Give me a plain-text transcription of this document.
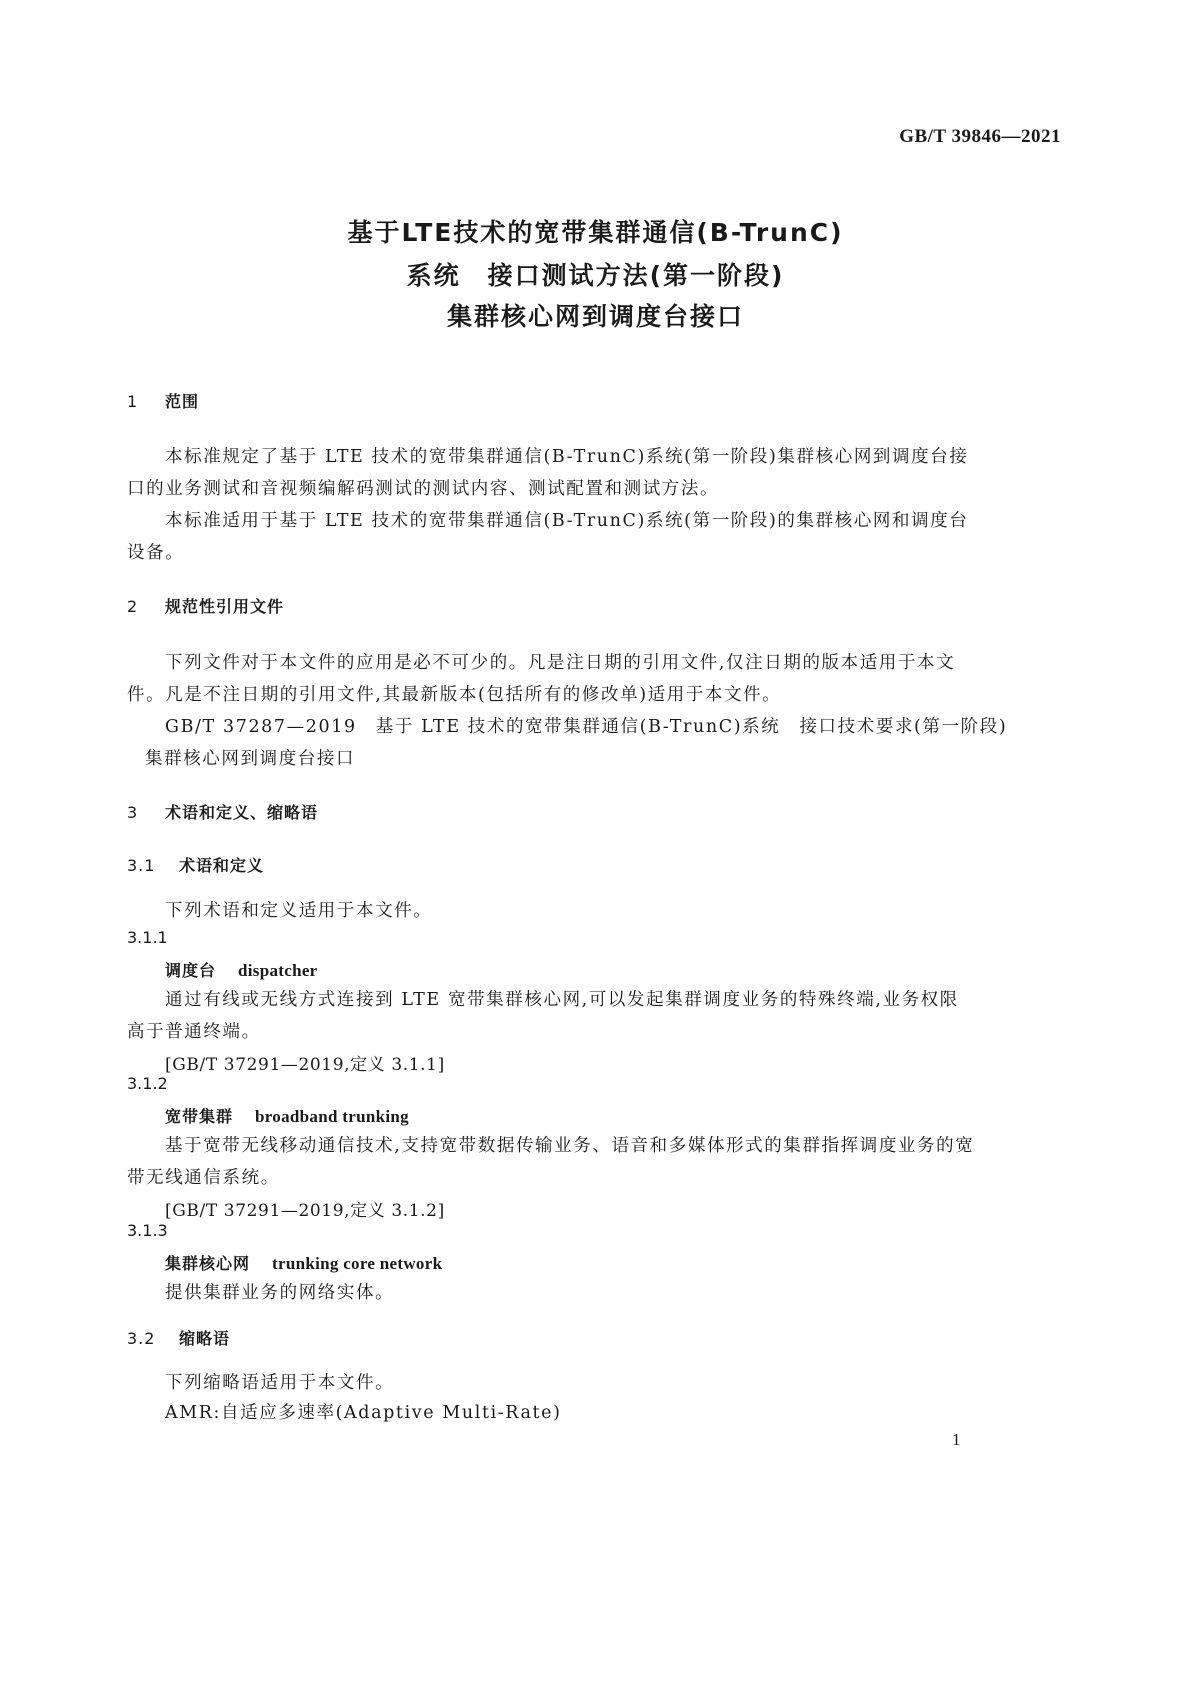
GB/T 39846—2021
基于LTE技术的宽带集群通信(B-TrunC)
系统　接口测试方法(第一阶段)
集群核心网到调度台接口
1 范围
本标准规定了基于 LTE 技术的宽带集群通信(B-TrunC)系统(第一阶段)集群核心网到调度台接
口的业务测试和音视频编解码测试的测试内容、测试配置和测试方法。
本标准适用于基于 LTE 技术的宽带集群通信(B-TrunC)系统(第一阶段)的集群核心网和调度台
设备。
2 规范性引用文件
下列文件对于本文件的应用是必不可少的。凡是注日期的引用文件,仅注日期的版本适用于本文
件。凡是不注日期的引用文件,其最新版本(包括所有的修改单)适用于本文件。
GB/T 37287—2019　基于 LTE 技术的宽带集群通信(B-TrunC)系统　接口技术要求(第一阶段)
集群核心网到调度台接口
3 术语和定义、缩略语
3.1 术语和定义
下列术语和定义适用于本文件。
3.1.1
调度台 dispatcher
通过有线或无线方式连接到 LTE 宽带集群核心网,可以发起集群调度业务的特殊终端,业务权限
高于普通终端。
[GB/T 37291—2019,定义 3.1.1]
3.1.2
宽带集群 broadband trunking
基于宽带无线移动通信技术,支持宽带数据传输业务、语音和多媒体形式的集群指挥调度业务的宽
带无线通信系统。
[GB/T 37291—2019,定义 3.1.2]
3.1.3
集群核心网 trunking core network
提供集群业务的网络实体。
3.2 缩略语
下列缩略语适用于本文件。
AMR:自适应多速率(Adaptive Multi-Rate)
1
